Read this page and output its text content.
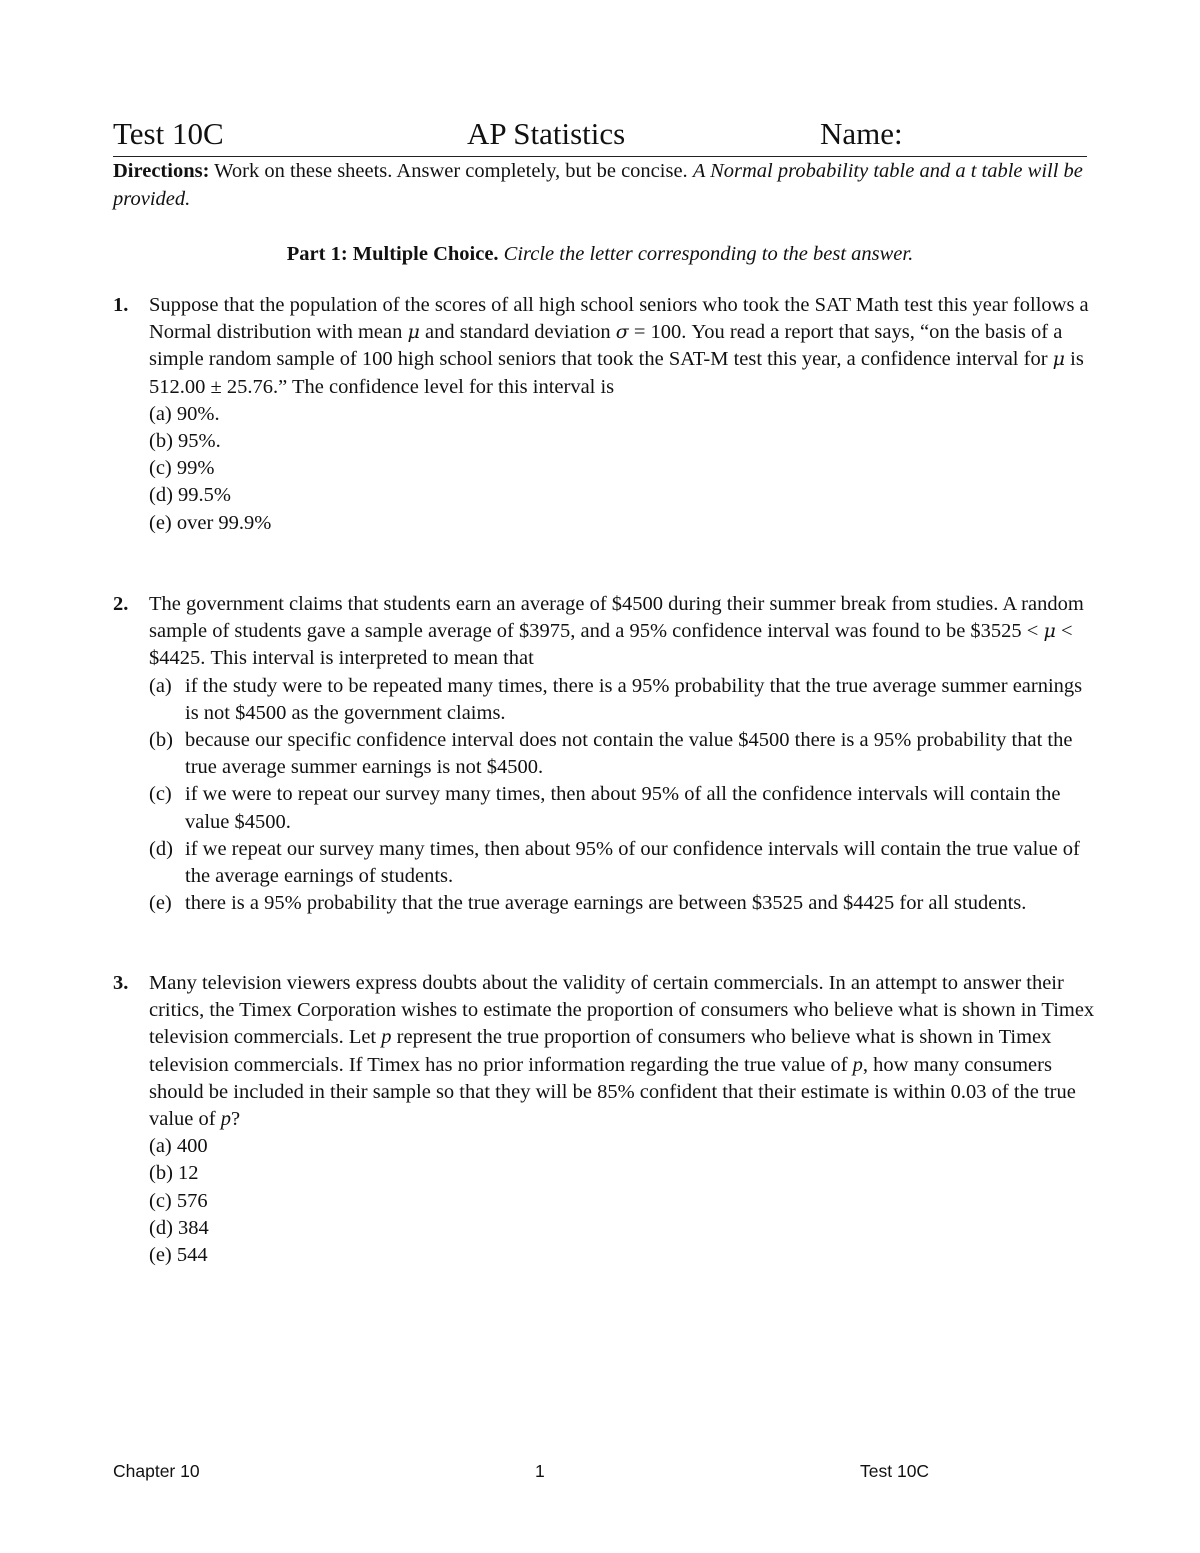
Test 10C	AP Statistics	Name:
Directions: Work on these sheets. Answer completely, but be concise. A Normal probability table and a t table will be provided.
Part 1: Multiple Choice. Circle the letter corresponding to the best answer.
1. Suppose that the population of the scores of all high school seniors who took the SAT Math test this year follows a Normal distribution with mean μ and standard deviation σ = 100. You read a report that says, “on the basis of a simple random sample of 100 high school seniors that took the SAT-M test this year, a confidence interval for μ is 512.00 ± 25.76.” The confidence level for this interval is
(a) 90%.
(b) 95%.
(c) 99%
(d) 99.5%
(e) over 99.9%
2. The government claims that students earn an average of $4500 during their summer break from studies. A random sample of students gave a sample average of $3975, and a 95% confidence interval was found to be $3525 < μ < $4425. This interval is interpreted to mean that
(a) if the study were to be repeated many times, there is a 95% probability that the true average summer earnings is not $4500 as the government claims.
(b) because our specific confidence interval does not contain the value $4500 there is a 95% probability that the true average summer earnings is not $4500.
(c) if we were to repeat our survey many times, then about 95% of all the confidence intervals will contain the value $4500.
(d) if we repeat our survey many times, then about 95% of our confidence intervals will contain the true value of the average earnings of students.
(e) there is a 95% probability that the true average earnings are between $3525 and $4425 for all students.
3. Many television viewers express doubts about the validity of certain commercials. In an attempt to answer their critics, the Timex Corporation wishes to estimate the proportion of consumers who believe what is shown in Timex television commercials. Let p represent the true proportion of consumers who believe what is shown in Timex television commercials. If Timex has no prior information regarding the true value of p, how many consumers should be included in their sample so that they will be 85% confident that their estimate is within 0.03 of the true value of p?
(a) 400
(b) 12
(c) 576
(d) 384
(e) 544
Chapter 10	1	Test 10C
